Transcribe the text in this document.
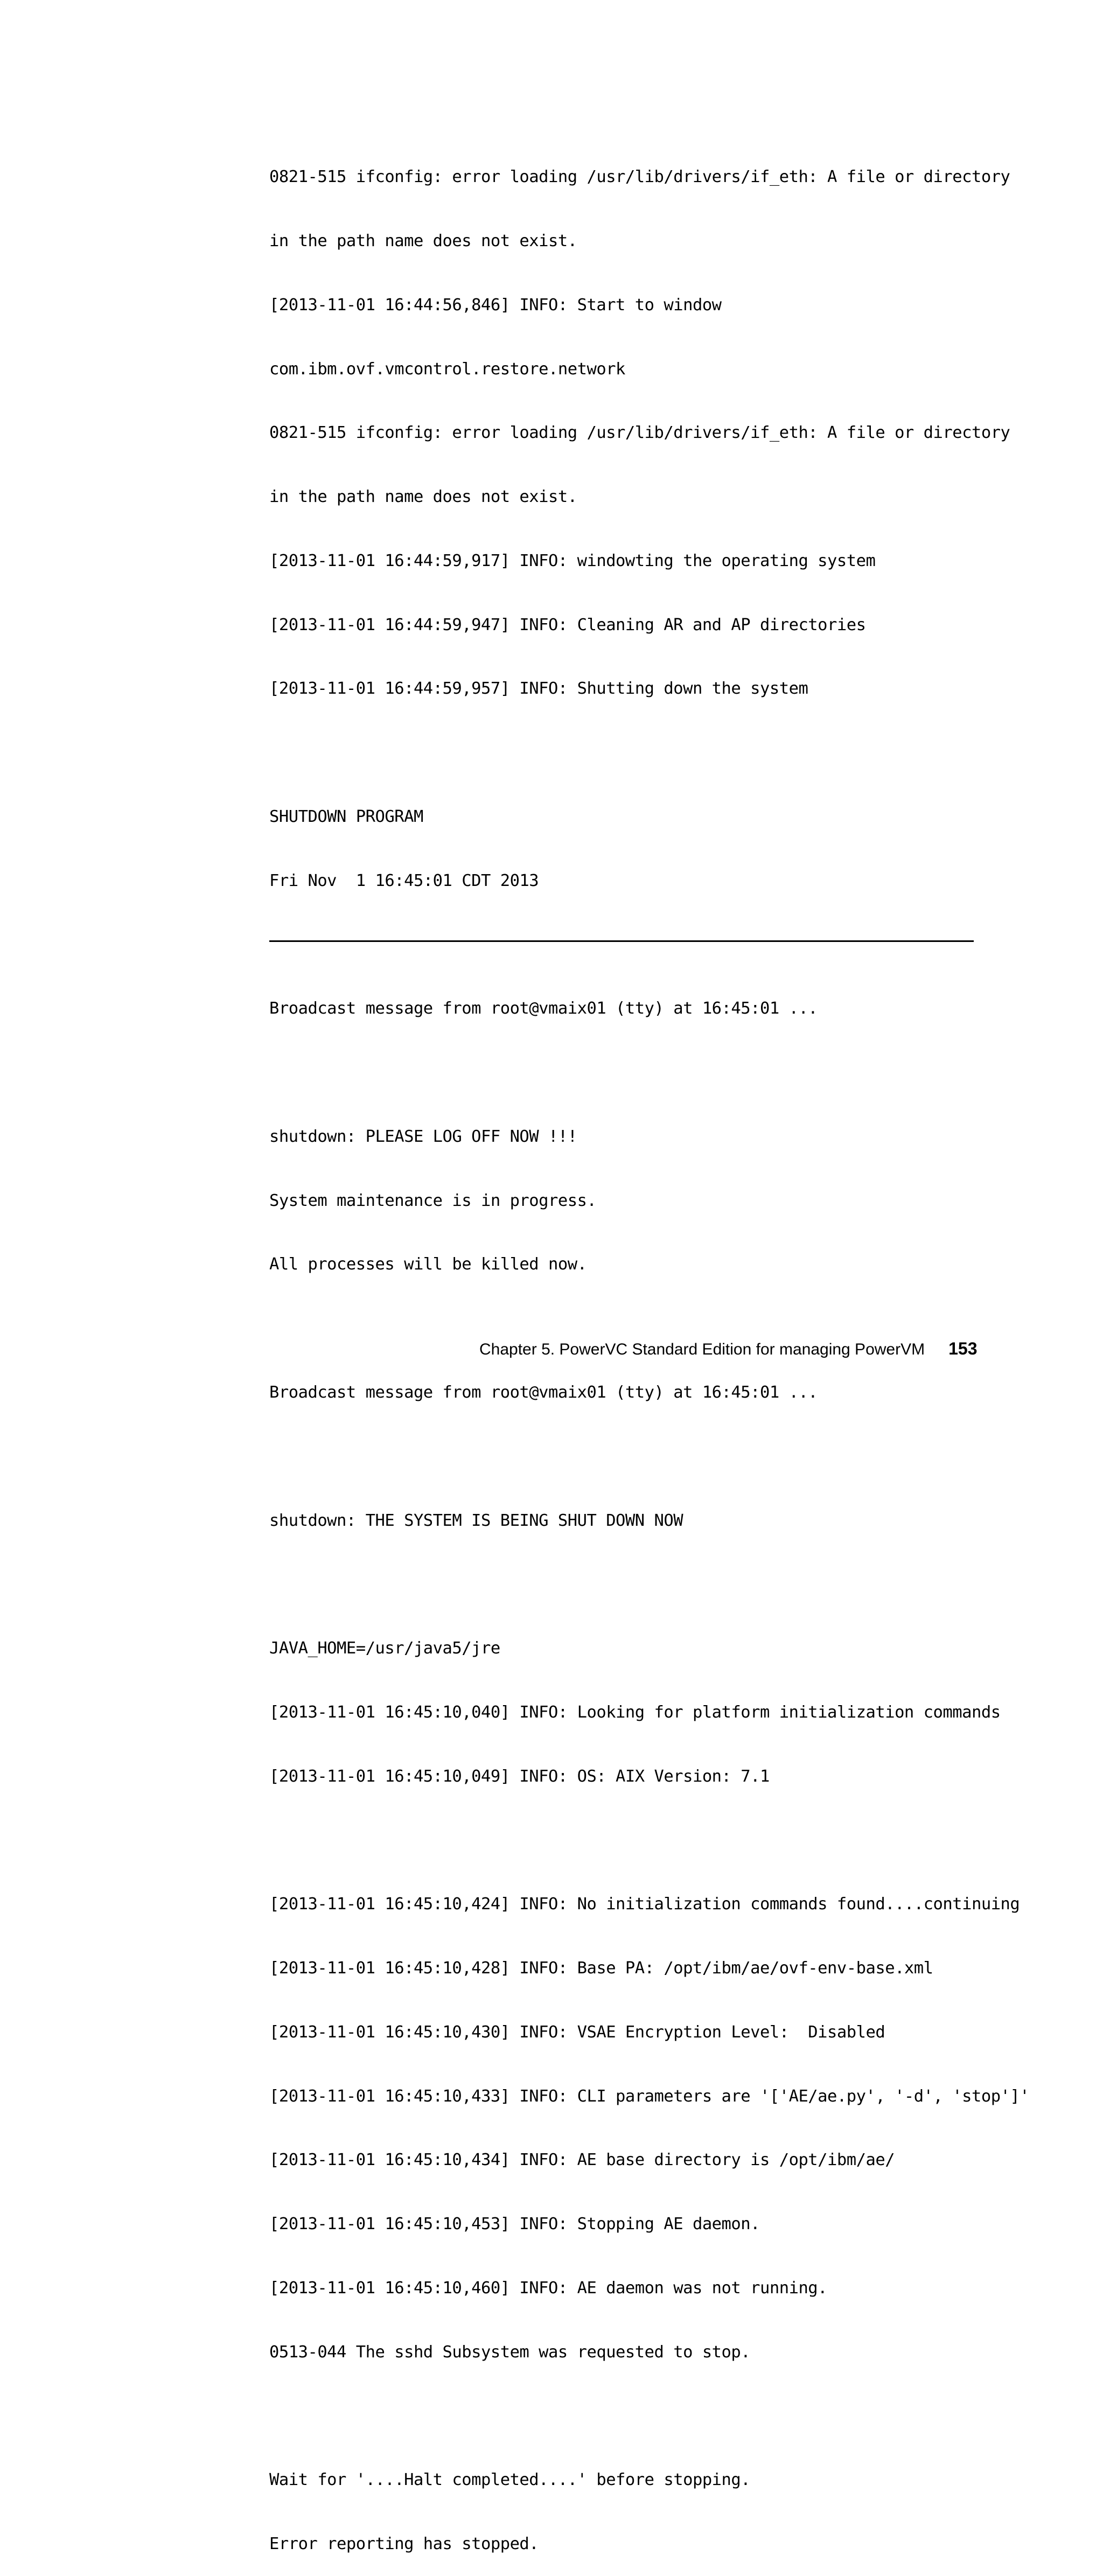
0821-515 ifconfig: error loading /usr/lib/drivers/if_eth: A file or directory

in the path name does not exist.

[2013-11-01 16:44:56,846] INFO: Start to window

com.ibm.ovf.vmcontrol.restore.network

0821-515 ifconfig: error loading /usr/lib/drivers/if_eth: A file or directory

in the path name does not exist.

[2013-11-01 16:44:59,917] INFO: windowting the operating system

[2013-11-01 16:44:59,947] INFO: Cleaning AR and AP directories

[2013-11-01 16:44:59,957] INFO: Shutting down the system

SHUTDOWN PROGRAM

Fri Nov  1 16:45:01 CDT 2013

Broadcast message from root@vmaix01 (tty) at 16:45:01 ...

shutdown: PLEASE LOG OFF NOW !!!

System maintenance is in progress.

All processes will be killed now.

Broadcast message from root@vmaix01 (tty) at 16:45:01 ...

shutdown: THE SYSTEM IS BEING SHUT DOWN NOW

JAVA_HOME=/usr/java5/jre

[2013-11-01 16:45:10,040] INFO: Looking for platform initialization commands

[2013-11-01 16:45:10,049] INFO: OS: AIX Version: 7.1

[2013-11-01 16:45:10,424] INFO: No initialization commands found....continuing

[2013-11-01 16:45:10,428] INFO: Base PA: /opt/ibm/ae/ovf-env-base.xml

[2013-11-01 16:45:10,430] INFO: VSAE Encryption Level:  Disabled

[2013-11-01 16:45:10,433] INFO: CLI parameters are '['AE/ae.py', '-d', 'stop']'

[2013-11-01 16:45:10,434] INFO: AE base directory is /opt/ibm/ae/

[2013-11-01 16:45:10,453] INFO: Stopping AE daemon.

[2013-11-01 16:45:10,460] INFO: AE daemon was not running.

0513-044 The sshd Subsystem was requested to stop.

Wait for '....Halt completed....' before stopping.

Error reporting has stopped.

Chapter 5. PowerVC Standard Edition for managing PowerVM 153
